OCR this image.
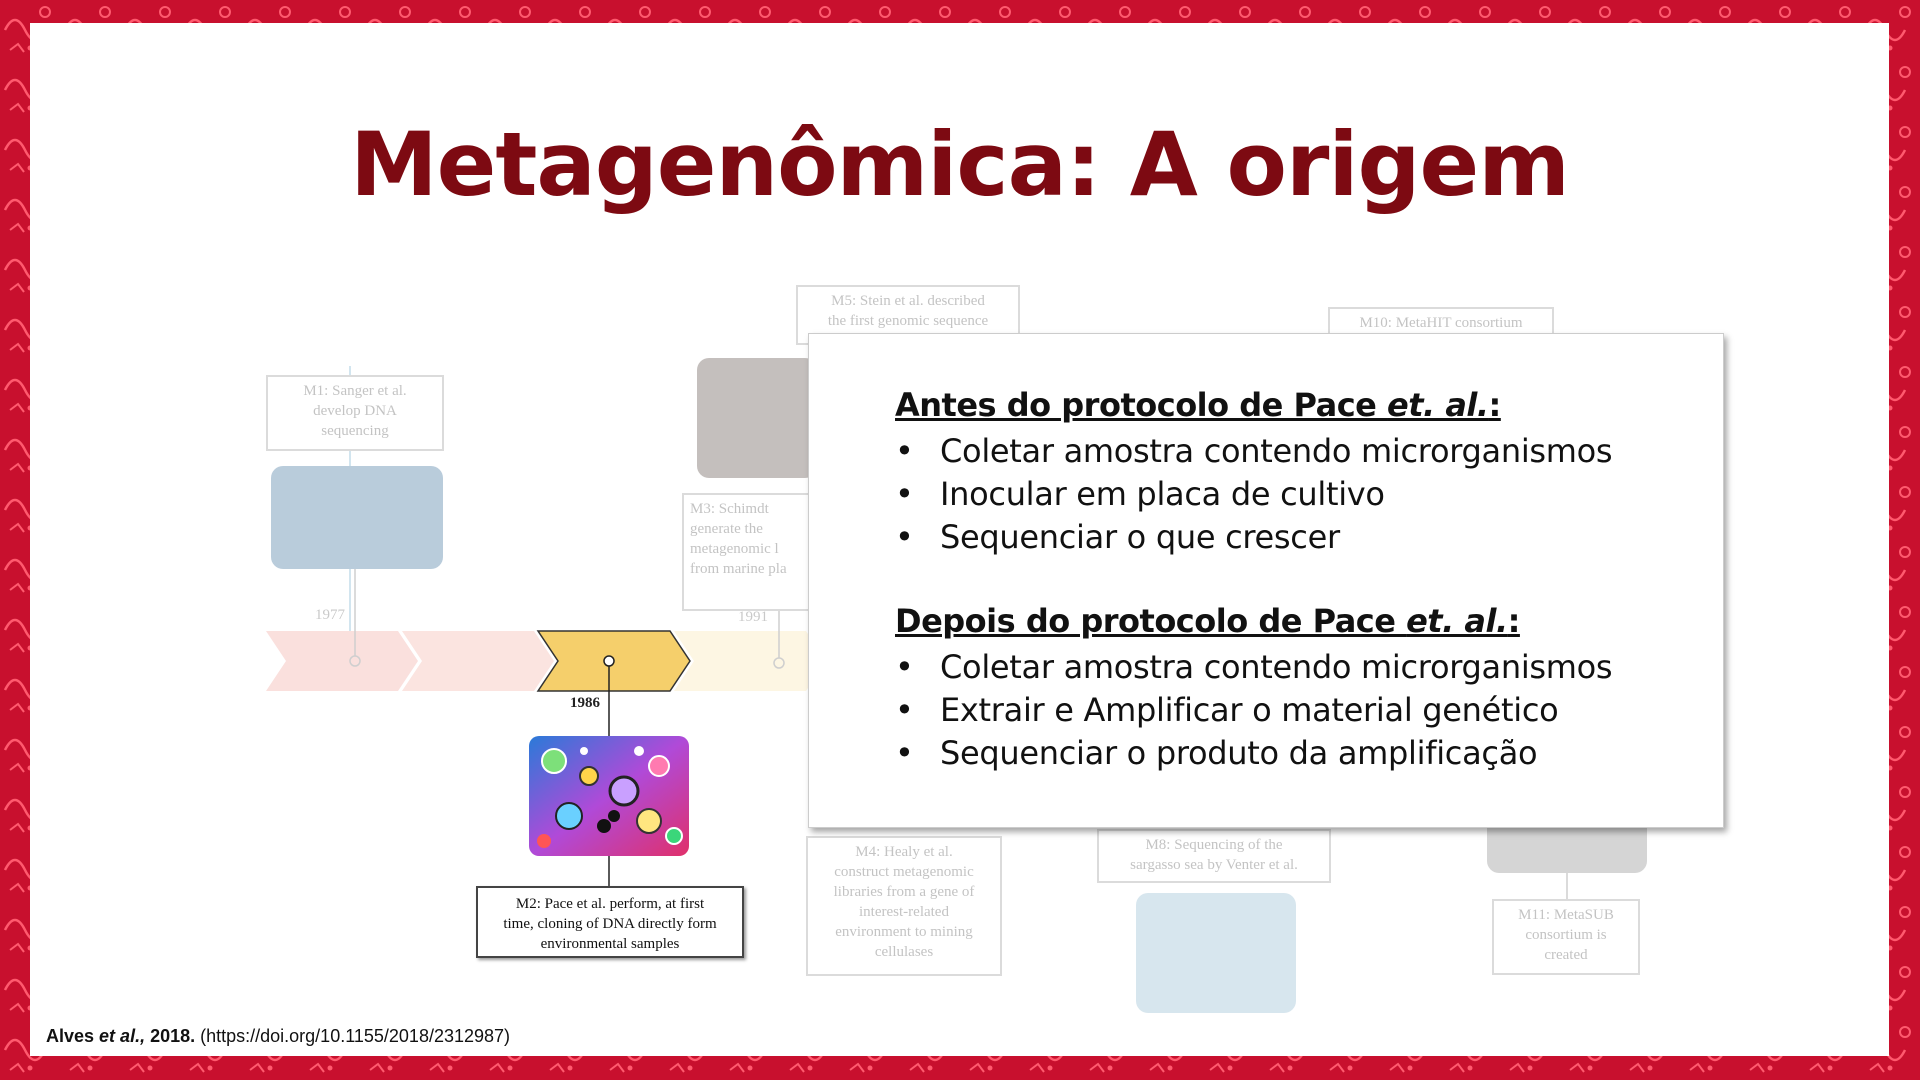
Metagenômica: A origem
M1: Sanger et al.
develop DNA
sequencing
M5: Stein et al. described
the first genomic sequence	M10: MetaHIT consortium
M3: Schimdt
generate the
metagenomic l
from marine pla
M4: Healy et al.
construct metagenomic
libraries from a gene of
interest-related
environment to mining
cellulases
M8: Sequencing of the
sargasso sea by Venter et al.
M11: MetaSUB
consortium is
created
1977	1991
1986
M2: Pace et al. perform, at first
time, cloning of DNA directly form
environmental samples
Antes do protocolo de Pace et. al.:
• Coletar amostra contendo microrganismos
• Inocular em placa de cultivo
• Sequenciar o que crescer
Depois do protocolo de Pace et. al.:
• Coletar amostra contendo microrganismos
• Extrair e Amplificar o material genético
• Sequenciar o produto da amplificação
Alves et al., 2018. (https://doi.org/10.1155/2018/2312987)
